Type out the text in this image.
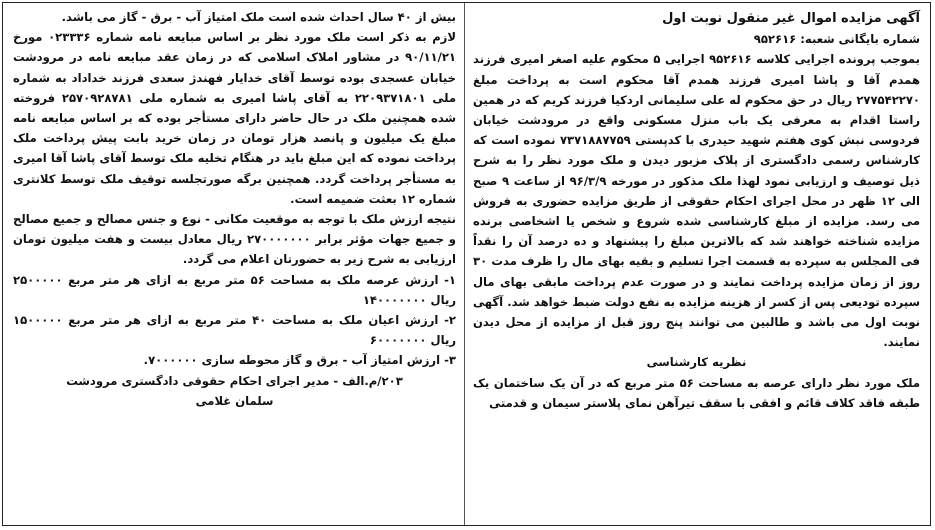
آگهی مزایده اموال غیر منقول نوبت اول

شماره بایگانی شعبه: ۹۵۲۶۱۶

بموجب پرونده اجرایی کلاسه ۹۵۲۶۱۶ اجرایی ۵ محکوم علیه اصغر امیری فرزند همدم آقا و پاشا امیری فرزند همدم آقا محکوم است به پرداخت مبلغ ۲۷۷۵۴۲۲۷۰ ریال در حق محکوم له علی سلیمانی اردکیا فرزند کریم که در همین راستا اقدام به معرفی یک باب منزل مسکونی واقع در مرودشت خیابان فردوسی نبش کوی هفتم شهید حیدری با کدپستی ۷۳۷۱۸۸۷۷۵۹ نموده است که کارشناس رسمی دادگستری از پلاک مزبور دیدن و ملک مورد نظر را به شرح ذیل توصیف و ارزیابی نمود لهذا ملک مذکور در مورخه ۹۶/۳/۹ از ساعت ۹ صبح الی ۱۲ ظهر در محل اجرای احکام حقوقی از طریق مزایده حضوری به فروش می رسد. مزایده از مبلغ کارشناسی شده شروع و شخص یا اشخاصی برنده مزایده شناخته خواهند شد که بالاترین مبلغ را پیشنهاد و ده درصد آن را نقداً فی المجلس به سپرده به قسمت اجرا تسلیم و بقیه بهای مال را ظرف مدت ۳۰ روز از زمان مزایده پرداخت نمایند و در صورت عدم پرداخت مابقی بهای مال سپرده تودیعی پس از کسر از هزینه مزایده به نفع دولت ضبط خواهد شد. آگهی نوبت اول می باشد و طالبین می توانند پنج روز قبل از مزایده از محل دیدن نمایند.

نظریه کارشناسی

ملک مورد نظر دارای عرصه به مساحت ۵۶ متر مربع که در آن یک ساختمان یک طبقه فاقد کلاف قائم و افقی با سقف تیرآهن نمای پلاستر سیمان و قدمتی

بیش از ۴۰ سال احداث شده است ملک امتیاز آب - برق - گاز می باشد.

لازم به ذکر است ملک مورد نظر بر اساس مبایعه نامه شماره ۰۲۳۳۳۶ مورخ ۹۰/۱۱/۲۱ در مشاور املاک اسلامی که در زمان عقد مبایعه نامه در مرودشت خیابان عسجدی بوده توسط آقای خدایار فهندژ سعدی فرزند خداداد به شماره ملی ۲۲۰۹۳۷۱۸۰۱ به آقای پاشا امیری به شماره ملی ۲۵۷۰۹۲۸۷۸۱ فروخته شده همچنین ملک در حال حاضر دارای مستأجر بوده که بر اساس مبایعه نامه مبلغ یک میلیون و پانصد هزار تومان در زمان خرید بابت پیش پرداخت ملک پرداخت نموده که این مبلغ باید در هنگام تخلیه ملک توسط آقای پاشا آقا امیری به مستأجر پرداخت گردد. همچنین برگه صورتجلسه توقیف ملک توسط کلانتری شماره ۱۲ بعثت ضمیمه است.

نتیجه ارزش ملک با توجه به موقعیت مکانی - نوع و جنس مصالح و جمیع مصالح و جمیع جهات مؤثر برابر ۲۷۰۰۰۰۰۰۰ ریال معادل بیست و هفت میلیون تومان ارزیابی به شرح زیر به حضورتان اعلام می گردد.

۱- ارزش عرصه ملک به مساحت ۵۶ متر مربع به ازای هر متر مربع ۲۵۰۰۰۰۰ ریال ۱۴۰۰۰۰۰۰۰

۲- ارزش اعیان ملک به مساحت ۴۰ متر مربع به ازای هر متر مربع ۱۵۰۰۰۰۰ ریال ۶۰۰۰۰۰۰۰

۳- ارزش امتیاز آب - برق و گاز محوطه سازی ۷۰۰۰۰۰۰.

۲۰۳/م.الف - مدیر اجرای احکام حقوقی دادگستری مرودشت

سلمان غلامی
